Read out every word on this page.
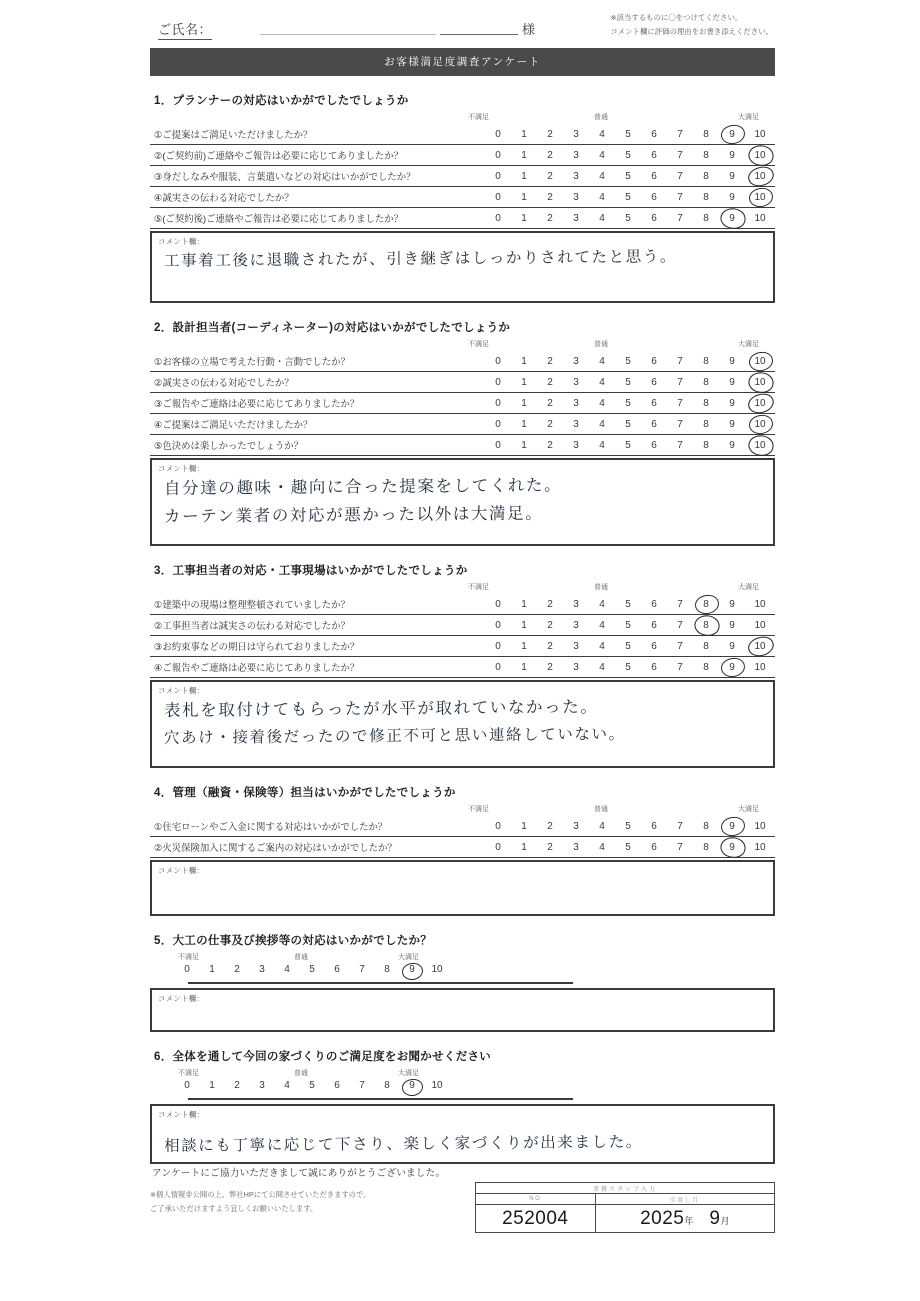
ご氏名：	様
※該当するものに〇をつけてください。
コメント欄に評価の理由をお書き添えください。
お客様満足度調査アンケート
1．プランナーの対応はいかがでしたでしょうか
不満足	普通	大満足
①ご提案はご満足いただけましたか？	0	1	2	3	4	5	6	7	8	9	10
②(ご契約前)ご連絡やご報告は必要に応じてありましたか？	0	1	2	3	4	5	6	7	8	9	10
③身だしなみや服装、言葉遣いなどの対応はいかがでしたか？	0	1	2	3	4	5	6	7	8	9	10
④誠実さの伝わる対応でしたか？	0	1	2	3	4	5	6	7	8	9	10
⑤(ご契約後)ご連絡やご報告は必要に応じてありましたか？	0	1	2	3	4	5	6	7	8	9	10
コメント欄：
工事着工後に退職されたが、引き継ぎはしっかりされてたと思う。
2．設計担当者(コーディネーター)の対応はいかがでしたでしょうか
不満足	普通	大満足
①お客様の立場で考えた行動・言動でしたか？	0	1	2	3	4	5	6	7	8	9	10
②誠実さの伝わる対応でしたか？	0	1	2	3	4	5	6	7	8	9	10
③ご報告やご連絡は必要に応じてありましたか？	0	1	2	3	4	5	6	7	8	9	10
④ご提案はご満足いただけましたか？	0	1	2	3	4	5	6	7	8	9	10
⑤色決めは楽しかったでしょうか？	0	1	2	3	4	5	6	7	8	9	10
コメント欄：
自分達の趣味・趣向に合った提案をしてくれた。
カーテン業者の対応が悪かった以外は大満足。
3．工事担当者の対応・工事現場はいかがでしたでしょうか
不満足	普通	大満足
①建築中の現場は整理整頓されていましたか？	0	1	2	3	4	5	6	7	8	9	10
②工事担当者は誠実さの伝わる対応でしたか？	0	1	2	3	4	5	6	7	8	9	10
③お約束事などの期日は守られておりましたか？	0	1	2	3	4	5	6	7	8	9	10
④ご報告やご連絡は必要に応じてありましたか？	0	1	2	3	4	5	6	7	8	9	10
コメント欄：
表札を取付けてもらったが水平が取れていなかった。
穴あけ・接着後だったので修正不可と思い連絡していない。
4．管理（融資・保険等）担当はいかがでしたでしょうか
不満足	普通	大満足
①住宅ローンやご入金に関する対応はいかがでしたか？	0	1	2	3	4	5	6	7	8	9	10
②火災保険加入に関するご案内の対応はいかがでしたか？	0	1	2	3	4	5	6	7	8	9	10
コメント欄：
5．大工の仕事及び挨拶等の対応はいかがでしたか？
不満足	普通	大満足
0	1	2	3	4	5	6	7	8	9	10
コメント欄：
6．全体を通して今回の家づくりのご満足度をお聞かせください
不満足	普通	大満足
0	1	2	3	4	5	6	7	8	9	10
コメント欄：
相談にも丁寧に応じて下さり、楽しく家づくりが出来ました。
アンケートにご協力いただきまして誠にありがとうございました。
※個人情報非公開の上、弊社HPにて公開させていただきますので、
ご了承いただけますよう宜しくお願いいたします。
事務スタッフ入力	
NO	引渡し月
252004	2025年 9月
